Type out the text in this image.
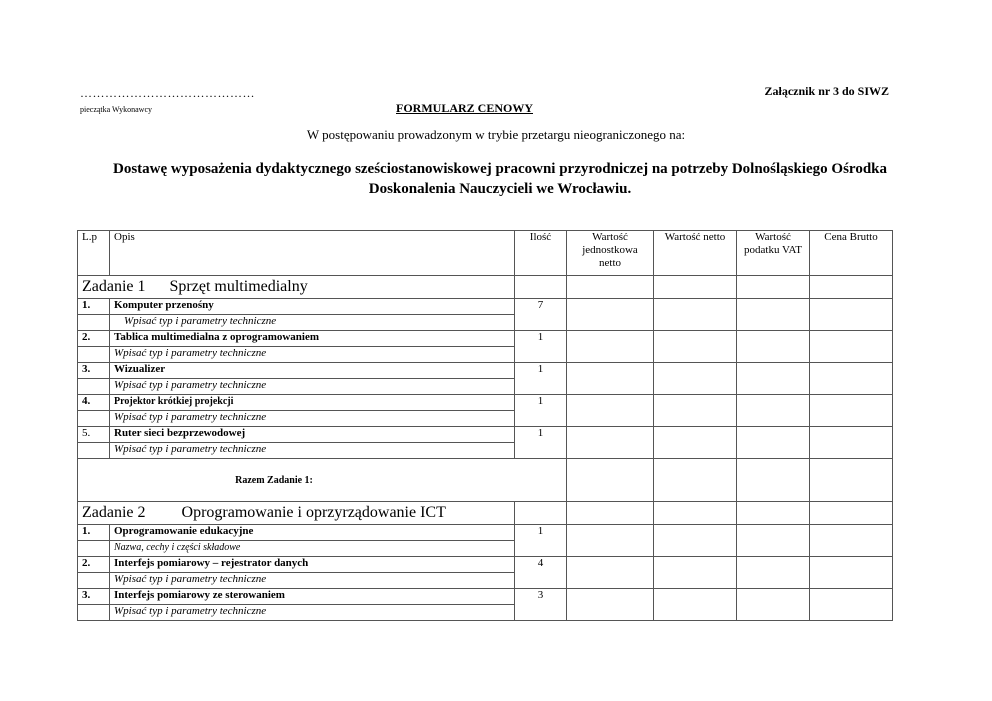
……………………………………
pieczątka Wykonawcy
Załącznik nr 3 do SIWZ
FORMULARZ CENOWY
W postępowaniu prowadzonym w trybie przetargu nieograniczonego na:
Dostawę wyposażenia dydaktycznego sześciostanowiskowej pracowni przyrodniczej na potrzeby Dolnośląskiego Ośrodka Doskonalenia Nauczycieli we Wrocławiu.
L.p	Opis	Ilość	Wartość jednostkowa netto	Wartość netto	Wartość podatku VAT	Cena Brutto
Zadanie 1 Sprzęt multimedialny						
1.	Komputer przenośny	7				
	Wpisać typ i parametry techniczne					
2.	Tablica multimedialna z oprogramowaniem	1				
	Wpisać typ i parametry techniczne					
3.	Wizualizer	1				
	Wpisać typ i parametry techniczne					
4.	Projektor krótkiej projekcji	1				
	Wpisać typ i parametry techniczne					
5.	Ruter sieci bezprzewodowej	1				
	Wpisać typ i parametry techniczne					
Razem Zadanie 1:						
Zadanie 2 Oprogramowanie i oprzyrządowanie ICT						
1.	Oprogramowanie edukacyjne	1				
	Nazwa, cechy i części składowe					
2.	Interfejs pomiarowy – rejestrator danych	4				
	Wpisać typ i parametry techniczne					
3.	Interfejs pomiarowy ze sterowaniem	3				
	Wpisać typ i parametry techniczne					
